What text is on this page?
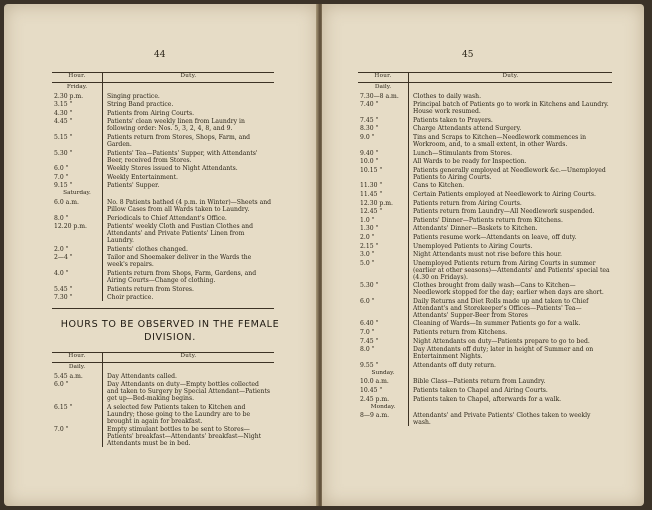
44
Hour.	Duty.
Friday.	
2.30 p.m.	Singing practice.
3.15 "	String Band practice.
4.30 "	Patients from Airing Courts.
4.45 "	Patients' clean weekly linen from Laundry in following order: Nos. 5, 3, 2, 4, 8, and 9.
5.15 "	Patients return from Stores, Shops, Farm, and Garden.
5.30 "	Patients' Tea—Patients' Supper, with Attendants' Beer, received from Stores.
6.0 "	Weekly Stores issued to Night Attendants.
7.0 "	Weekly Entertainment.
9.15 "	Patients' Supper.
Saturday.	
6.0 a.m.	No. 8 Patients bathed (4 p.m. in Winter)—Sheets and Pillow Cases from all Wards taken to Laundry.
8.0 "	Periodicals to Chief Attendant's Office.
12.20 p.m.	Patients' weekly Cloth and Fustian Clothes and Attendants' and Private Patients' Linen from Laundry.
2.0 "	Patients' clothes changed.
2—4 "	Tailor and Shoemaker deliver in the Wards the week's repairs.
4.0 "	Patients return from Shops, Farm, Gardens, and Airing Courts—Change of clothing.
5.45 "	Patients return from Stores.
7.30 "	Choir practice.
HOURS TO BE OBSERVED IN THE FEMALE DIVISION.
Hour.	Duty.
Daily.	
5.45 a.m.	Day Attendants called.
6.0 "	Day Attendants on duty—Empty bottles collected and taken to Surgery by Special Attendant—Patients get up—Bed-making begins.
6.15 "	A selected few Patients taken to Kitchen and Laundry; those going to the Laundry are to be brought in again for breakfast.
7.0 "	Empty stimulant bottles to be sent to Stores—Patients' breakfast—Attendants' breakfast—Night Attendants must be in bed.
45
Hour.	Duty.
Daily.	
7.30—8 a.m.	Clothes to daily wash.
7.40 "	Principal batch of Patients go to work in Kitchens and Laundry. House work resumed.
7.45 "	Patients taken to Prayers.
8.30 "	Charge Attendants attend Surgery.
9.0 "	Tins and Scraps to Kitchen—Needlework commences in Workroom, and, to a small extent, in other Wards.
9.40 "	Lunch—Stimulants from Stores.
10.0 "	All Wards to be ready for Inspection.
10.15 "	Patients generally employed at Needlework &c.—Unemployed Patients to Airing Courts.
11.30 "	Cans to Kitchen.
11.45 "	Certain Patients employed at Needlework to Airing Courts.
12.30 p.m.	Patients return from Airing Courts.
12.45 "	Patients return from Laundry—All Needlework suspended.
1.0 "	Patients' Dinner—Patients return from Kitchens.
1.30 "	Attendants' Dinner—Baskets to Kitchen.
2.0 "	Patients resume work—Attendants on leave, off duty.
2.15 "	Unemployed Patients to Airing Courts.
3.0 "	Night Attendants must not rise before this hour.
5.0 "	Unemployed Patients return from Airing Courts in summer (earlier at other seasons)—Attendants' and Patients' special tea (4.30 on Fridays).
5.30 "	Clothes brought from daily wash—Cans to Kitchen—Needlework stopped for the day; earlier when days are short.
6.0 "	Daily Returns and Diet Rolls made up and taken to Chief Attendant's and Storekeeper's Offices—Patients' Tea—Attendants' Supper-Beer from Stores
6.40 "	Cleaning of Wards—In summer Patients go for a walk.
7.0 "	Patients return from Kitchens.
7.45 "	Night Attendants on duty—Patients prepare to go to bed.
8.0 "	Day Attendants off duty; later in height of Summer and on Entertainment Nights.
9.55 "	Attendants off duty return.
Sunday.	
10.0 a.m.	Bible Class—Patients return from Laundry.
10.45 "	Patients taken to Chapel and Airing Courts.
2.45 p.m.	Patients taken to Chapel, afterwards for a walk.
Monday.	
8—9 a.m.	Attendants' and Private Patients' Clothes taken to weekly wash.
